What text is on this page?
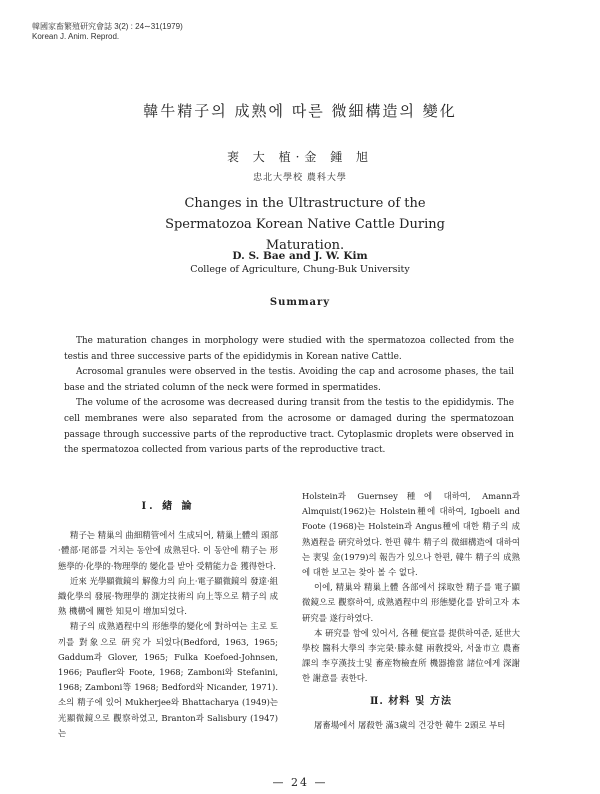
韓國家畜繁殖研究會誌 3(2) : 24∼31(1979)
Korean J. Anim. Reprod.
韓牛精子의 成熟에 따른 微細構造의 變化
裵 大 植·金 鍾 旭
忠北大學校 農科大學
Changes in the Ultrastructure of the Spermatozoa Korean Native Cattle During Maturation.
D. S. Bae and J. W. Kim
College of Agriculture, Chung-Buk University
Summary

The maturation changes in morphology were studied with the spermatozoa collected from the testis and three successive parts of the epididymis in Korean native Cattle.

Acrosomal granules were observed in the testis. Avoiding the cap and acrosome phases, the tail base and the striated column of the neck were formed in spermatides.

The volume of the acrosome was decreased during transit from the testis to the epididymis. The cell membranes were also separated from the acrosome or damaged during the spermatozoan passage through successive parts of the reproductive tract. Cytoplasmic droplets were observed in the spermatozoa collected from various parts of the reproductive tract.

I. 緖 論

精子는 精巢의 曲細精管에서 生成되어, 精巢上體의 頭部·體部·尾部를 거치는 동안에 成熟된다. 이 동안에 精子는 形態學的·化學的·物理學的 變化를 받아 受精能力을 獲得한다.

近來 光學顯微鏡의 解像力의 向上·電子顯微鏡의 發達·組織化學의 發展·物理學的 測定技術의 向上等으로 精子의 成熟 機構에 關한 知見이 增加되었다.

精子의 成熟過程中의 形態學的變化에 對하여는 主로 토끼를 對象으로 硏究가 되었다(Bedford, 1963, 1965; Gaddum과 Glover, 1965; Fulka Koefoed-Johnsen, 1966; Paufler와 Foote, 1968; Zamboni와 Stefanini, 1968; Zamboni等 1968; Bedford와 Nicander, 1971). 소의 精子에 있어 Mukherjee와 Bhattacharya (1949)는 光顯微鏡으로 觀察하였고, Branton과 Salisbury (1947)는

Holstein과 Guernsey種에 대하여, Amann과 Almquist(1962)는 Holstein種에 대하여, Igboeli and Foote (1968)는 Holstein과 Angus種에 대한 精子의 成熟過程을 硏究하였다. 한편 韓牛 精子의 微細構造에 대하여는 裵및 金(1979)의 報告가 있으나 한편, 韓牛 精子의 成熟에 대한 보고는 찾아 볼 수 없다.

이에, 精巢와 精巢上體 各部에서 採取한 精子를 電子顯微鏡으로 觀察하여, 成熟過程中의 形態變化를 밝히고자 本硏究를 遂行하였다.

本 硏究를 함에 있어서, 各種 便宜를 提供하여준, 延世大學校 醫科大學의 李完榮·滕永健 兩敎授와, 서울市立 農畜課의 李亨漢技士및 畜産物檢査所 機器擔當 諸位에게 深謝한 謝意를 表한다.

Ⅱ. 材料 및 方法

屠畜場에서 屠殺한 滿3歲의 건강한 韓牛 2頭로 부터

— 24 —
